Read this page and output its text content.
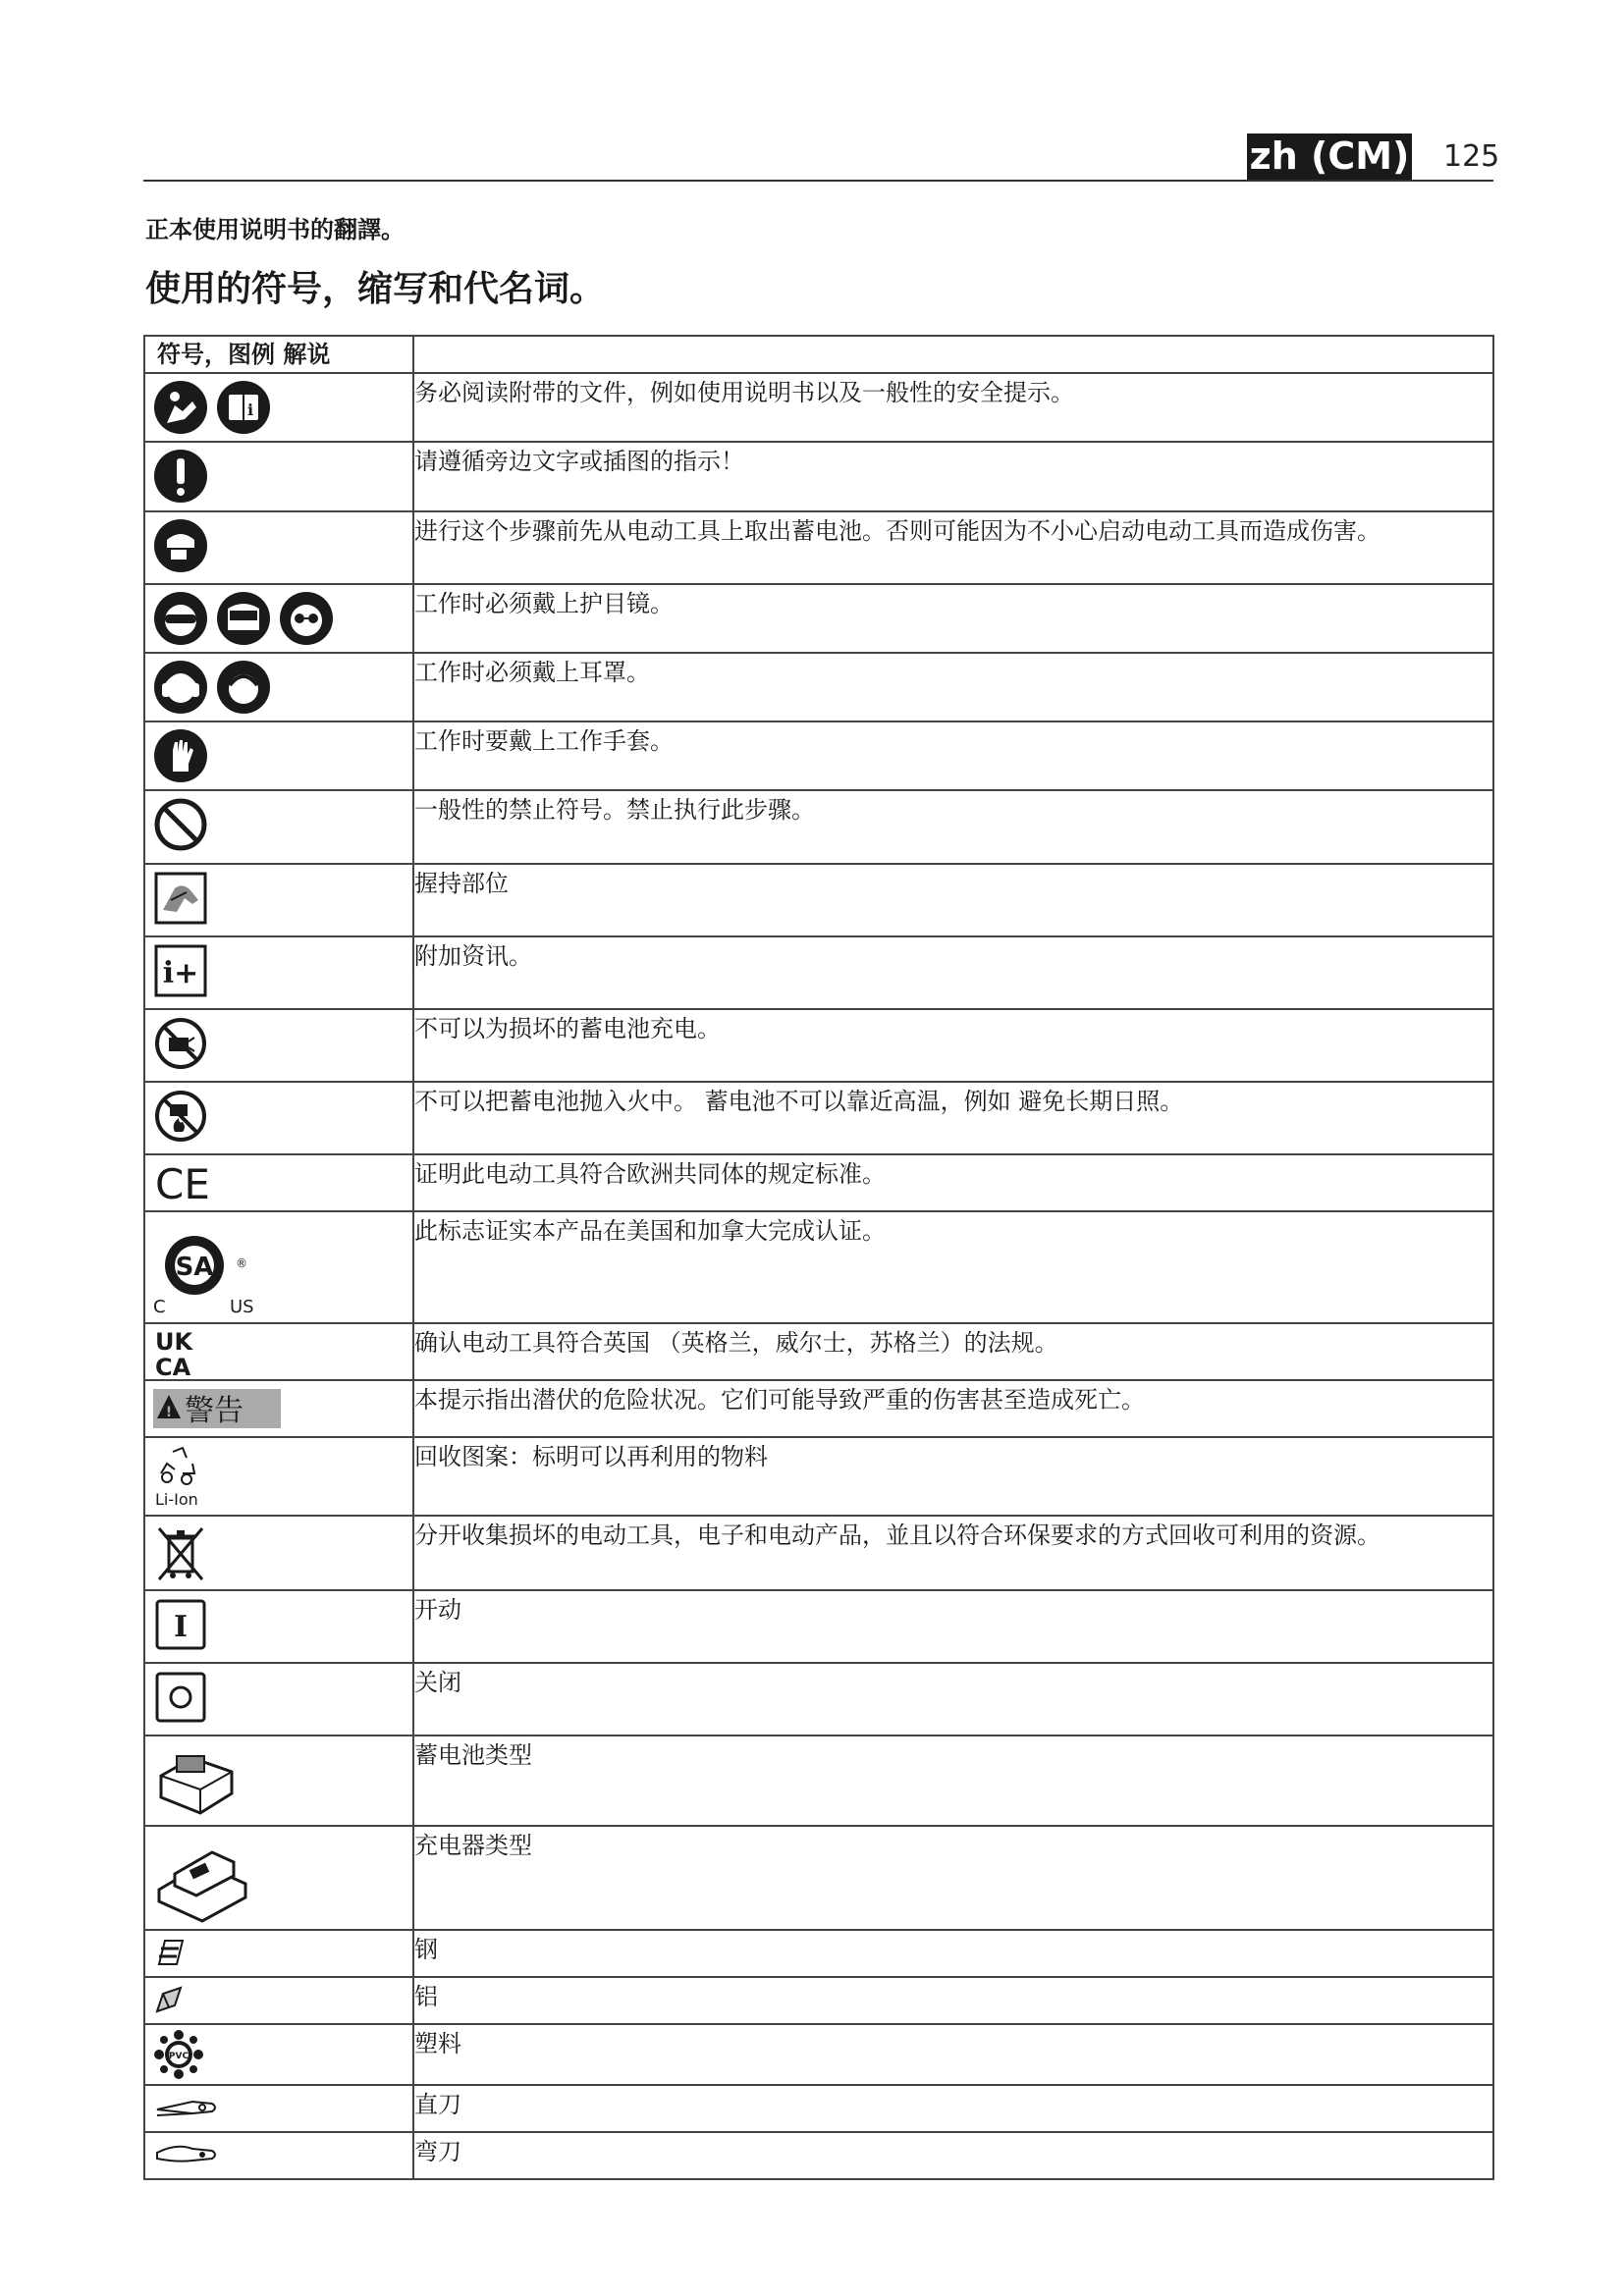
zh (CM) 125
正本使用说明书的翻譯。
使用的符号，缩写和代名词。
符号，图例 解说	

i	务必阅读附带的文件，例如使用说明书以及一般性的安全提示。

	请遵循旁边文字或插图的指示！

	进行这个步骤前先从电动工具上取出蓄电池。否则可能因为不小心启动电动工具而造成伤害。

	工作时必须戴上护目镜。

	工作时必须戴上耳罩。

	工作时要戴上工作手套。

	一般性的禁止符号。禁止执行此步骤。

	握持部位

i+	附加资讯。

	不可以为损坏的蓄电池充电。

	不可以把蓄电池抛入火中。 蓄电池不可以靠近高温，例如 避免长期日照。

CE	证明此电动工具符合欧洲共同体的规定标准。

SA
C US
®	此标志证实本产品在美国和加拿大完成认证。

UK
CA	确认电动工具符合英国 （英格兰，威尔士，苏格兰）的法规。

! 警告	本提示指出潜伏的危险状况。它们可能导致严重的伤害甚至造成死亡。

Li-Ion	回收图案：标明可以再利用的物料

	分开收集损坏的电动工具，电子和电动产品，並且以符合环保要求的方式回收可利用的资源。

I	开动

	关闭

	蓄电池类型

	充电器类型

	钢

	铝

PVC	塑料

	直刀

	弯刀
